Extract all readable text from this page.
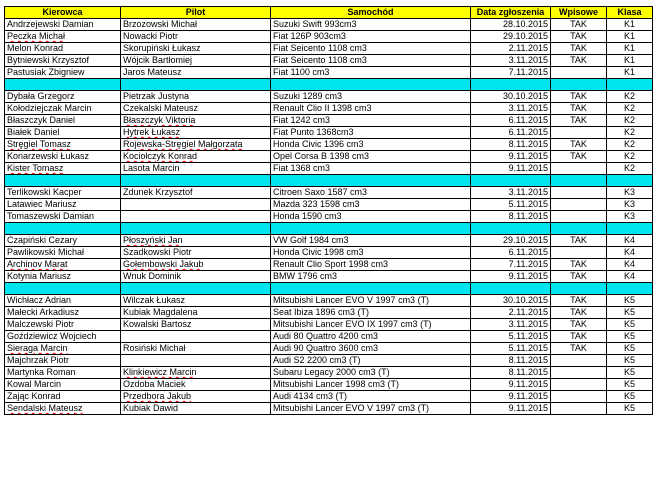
Kierowca	Pilot	Samochód	Data zgłoszenia	Wpisowe	Klasa
Andrzejewski Damian	Brzozowski Michał	Suzuki Swift 993cm3	28.10.2015	TAK	K1
Peczka Michał	Nowacki Piotr	Fiat 126P 903cm3	29.10.2015	TAK	K1
Melon Konrad	Skorupiński Łukasz	Fiat Seicento 1108 cm3	2.11.2015	TAK	K1
Bytniewski Krzysztof	Wójcik Bartłomiej	Fiat Seicento 1108 cm3	3.11.2015	TAK	K1
Pastusiak Zbigniew	Jaros Mateusz	Fiat 1100 cm3	7.11.2015		K1

Dybała Grzegorz	Pietrzak Justyna	Suzuki 1289 cm3	30.10.2015	TAK	K2
Kołodziejczak Marcin	Czekalski Mateusz	Renault Clio II 1398 cm3	3.11.2015	TAK	K2
Błaszczyk Daniel	Błaszczyk Viktoria	Fiat 1242 cm3	6.11.2015	TAK	K2
Białek Daniel	Hytrek Łukasz	Fiat Punto 1368cm3	6.11.2015		K2
Stręgiel Tomasz	Rojewska-Stręgiel Małgorzata	Honda Civic 1396 cm3	8.11.2015	TAK	K2
Konarzewski Łukasz	Kociołczyk Konrad	Opel Corsa B 1398 cm3	9.11.2015	TAK	K2
Kister Tomasz	Lasota Marcin	Fiat 1368 cm3	9.11.2015		K2

Terlikowski Kacper	Zdunek Krzysztof	Citroen Saxo 1587 cm3	3.11.2015		K3
Latawiec Mariusz		Mazda 323 1598 cm3	5.11.2015		K3
Tomaszewski Damian		Honda 1590 cm3	8.11.2015		K3

Czapiński Cezary	Płoszyński Jan	VW Golf 1984 cm3	29.10.2015	TAK	K4
Pawlikowski Michał	Szadkowski Piotr	Honda Civic 1998 cm3	6.11.2015		K4
Archinov Marat	Gołembowski Jakub	Renault Clio Sport 1998 cm3	7.11.2015	TAK	K4
Kotynia Mariusz	Wnuk Dominik	BMW 1796 cm3	9.11.2015	TAK	K4

Wichłacz Adrian	Wilczak Łukasz	Mitsubishi Lancer EVO V 1997 cm3 (T)	30.10.2015	TAK	K5
Małecki Arkadiusz	Kubiak Magdalena	Seat Ibiza 1896 cm3 (T)	2.11.2015	TAK	K5
Malczewski Piotr	Kowalski Bartosz	Mitsubishi Lancer EVO IX 1997 cm3 (T)	3.11.2015	TAK	K5
Goździewicz Wojciech		Audi 80 Quattro 4200 cm3	5.11.2015	TAK	K5
Sieraga Marcin	Rosiński Michał	Audi 90 Quattro 3600 cm3	5.11.2015	TAK	K5
Majchrzak Piotr		Audi S2 2200 cm3 (T)	8.11.2015		K5
Martynka Roman	Klinkiewicz Marcin	Subaru Legacy 2000 cm3 (T)	8.11.2015		K5
Kowal Marcin	Ozdoba Maciek	Mitsubishi Lancer 1998 cm3 (T)	9.11.2015		K5
Zając Konrad	Przedbora Jakub	Audi 4134 cm3 (T)	9.11.2015		K5
Sendalski Mateusz	Kubiak Dawid	Mitsubishi Lancer EVO V 1997 cm3 (T)	9.11.2015		K5
